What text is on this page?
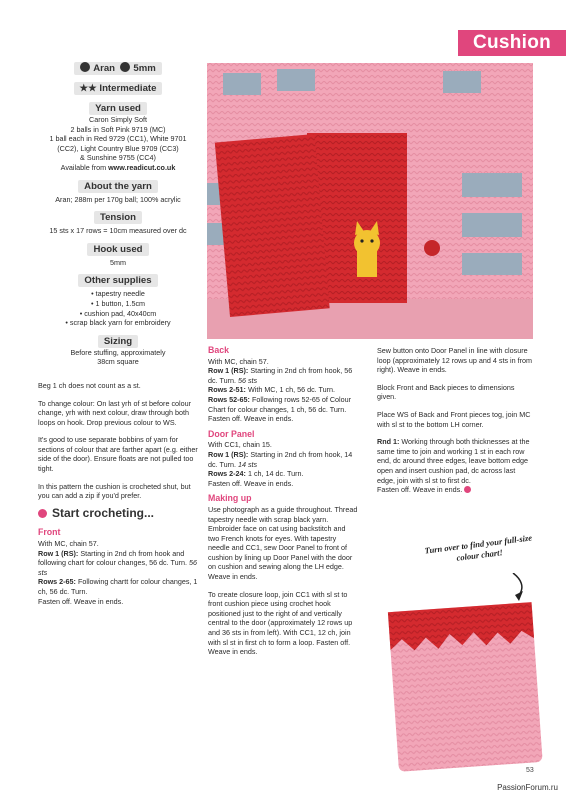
Cushion
Aran 5mm
★★ Intermediate
Yarn used
Caron Simply Soft
2 balls in Soft Pink 9719 (MC)
1 ball each in Red 9729 (CC1), White 9701
(CC2), Light Country Blue 9709 (CC3)
& Sunshine 9755 (CC4)
Available from www.readicut.co.uk
About the yarn

Aran; 288m per 170g ball; 100% acrylic

Tension

15 sts x 17 rows = 10cm measured over dc

Hook used

5mm

Other supplies
• tapestry needle
• 1 button, 1.5cm
• cushion pad, 40x40cm
• scrap black yarn for embroidery
Sizing
Before stuffing, approximately
38cm square

Beg 1 ch does not count as a st.

To change colour: On last yrh of st before colour change, yrh with next colour, draw through both loops on hook. Drop previous colour to WS.

It's good to use separate bobbins of yarn for sections of colour that are farther apart (e.g. either side of the door). Ensure floats are not pulled too tight.

In this pattern the cushion is crocheted shut, but you can add a zip if you'd prefer.

Start crocheting...
Front
With MC, chain 57.
Row 1 (RS): Starting in 2nd ch from hook and following chart for colour changes, 56 dc. Turn. 56 sts
Rows 2-65: Following chartt for colour changes, 1 ch, 56 dc. Turn.
Fasten off. Weave in ends.
Back
With MC, chain 57.
Row 1 (RS): Starting in 2nd ch from hook, 56 dc. Turn. 56 sts
Rows 2-51: With MC, 1 ch, 56 dc. Turn.
Rows 52-65: Following rows 52-65 of Colour Chart for colour changes, 1 ch, 56 dc. Turn.
Fasten off. Weave in ends.
Door Panel
With CC1, chain 15.
Row 1 (RS): Starting in 2nd ch from hook, 14 dc. Turn. 14 sts
Rows 2-24: 1 ch, 14 dc. Turn.
Fasten off. Weave in ends.
Making up

Use photograph as a guide throughout. Thread tapestry needle with scrap black yarn. Embroider face on cat using backstitch and two French knots for eyes. With tapestry needle and CC1, sew Door Panel to front of cushion by lining up Door Panel with the door on cushion and sewing along the LH edge. Weave in ends.

To create closure loop, join CC1 with sl st to front cushion piece using crochet hook positioned just to the right of and vertically central to the door (approximately 12 rows up and 36 sts in from left). With CC1, 12 ch, join with sl st in first ch to form a loop. Fasten off. Weave in ends.

Sew button onto Door Panel in line with closure loop (approximately 12 rows up and 4 sts in from right). Weave in ends.

Block Front and Back pieces to dimensions given.

Place WS of Back and Front pieces tog, join MC with sl st to the bottom LH corner.

Rnd 1: Working through both thicknesses at the same time to join and working 1 st in each row end, dc around three edges, leave bottom edge open and insert cushion pad, dc across last edge, join with sl st to first dc.
Fasten off. Weave in ends.
Turn over to find your full-size colour chart!
53
PassionForum.ru
